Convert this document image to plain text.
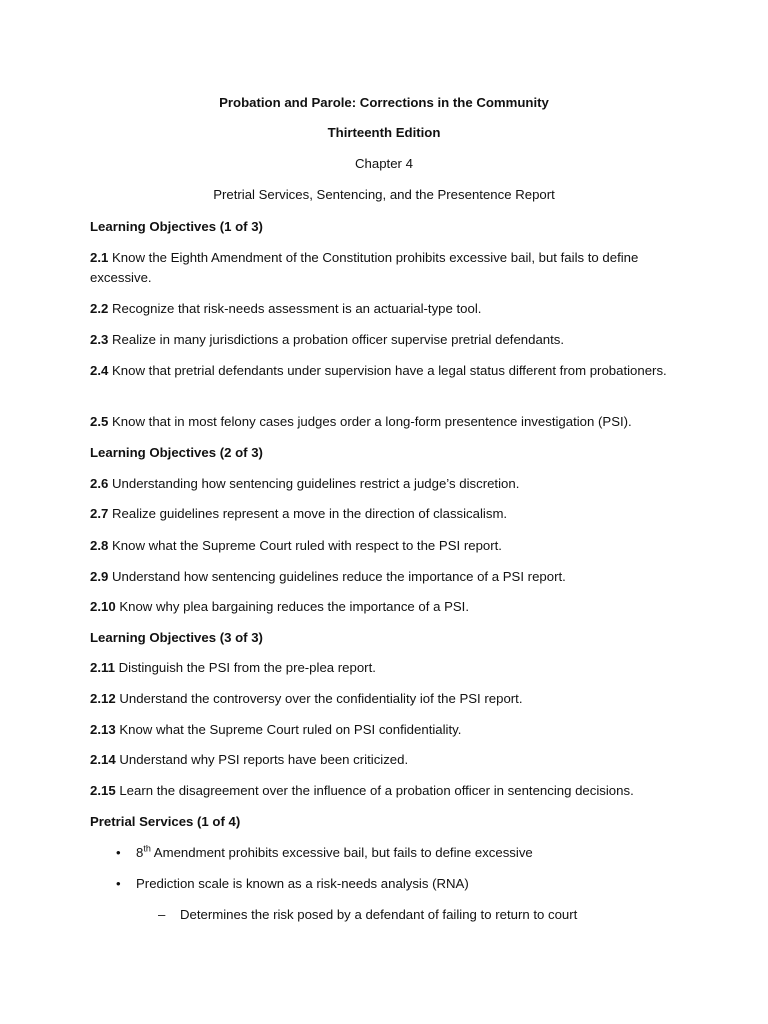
Probation and Parole: Corrections in the Community
Thirteenth Edition
Chapter 4
Pretrial Services, Sentencing, and the Presentence Report
Learning Objectives (1 of 3)
2.1 Know the Eighth Amendment of the Constitution prohibits excessive bail, but fails to define excessive.
2.2 Recognize that risk-needs assessment is an actuarial-type tool.
2.3 Realize in many jurisdictions a probation officer supervise pretrial defendants.
2.4 Know that pretrial defendants under supervision have a legal status different from probationers.
2.5 Know that in most felony cases judges order a long-form presentence investigation (PSI).
Learning Objectives (2 of 3)
2.6 Understanding how sentencing guidelines restrict a judge’s discretion.
2.7 Realize guidelines represent a move in the direction of classicalism.
2.8 Know what the Supreme Court ruled with respect to the PSI report.
2.9 Understand how sentencing guidelines reduce the importance of a PSI report.
2.10 Know why plea bargaining reduces the importance of a PSI.
Learning Objectives (3 of 3)
2.11 Distinguish the PSI from the pre-plea report.
2.12 Understand the controversy over the confidentiality iof the PSI report.
2.13 Know what the Supreme Court ruled on PSI confidentiality.
2.14 Understand why PSI reports have been criticized.
2.15 Learn the disagreement over the influence of a probation officer in sentencing decisions.
Pretrial Services (1 of 4)
• 8th Amendment prohibits excessive bail, but fails to define excessive
• Prediction scale is known as a risk-needs analysis (RNA)
– Determines the risk posed by a defendant of failing to return to court
